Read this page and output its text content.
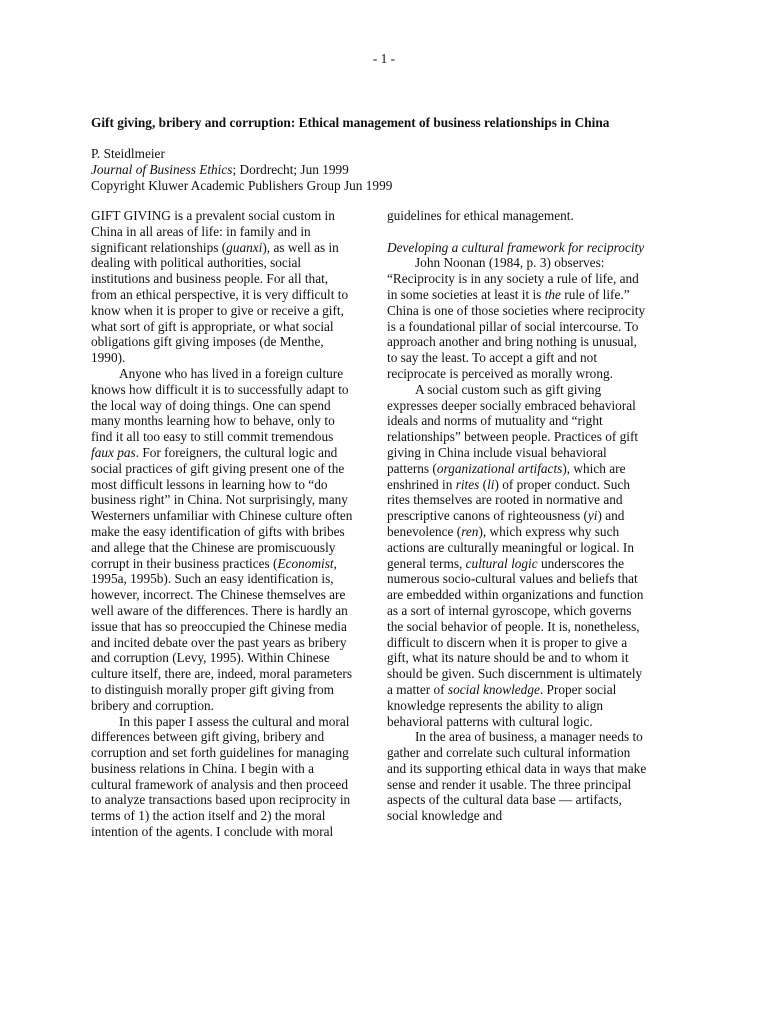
- 1 -
Gift giving, bribery and corruption: Ethical management of business relationships in China
P. Steidlmeier
Journal of Business Ethics; Dordrecht; Jun 1999
Copyright Kluwer Academic Publishers Group Jun 1999

GIFT GIVING is a prevalent social custom in China in all areas of life: in family and in significant relationships (guanxi), as well as in dealing with political authorities, social institutions and business people. For all that, from an ethical perspective, it is very difficult to know when it is proper to give or receive a gift, what sort of gift is appropriate, or what social obligations gift giving imposes (de Menthe, 1990).

Anyone who has lived in a foreign culture knows how difficult it is to successfully adapt to the local way of doing things. One can spend many months learning how to behave, only to find it all too easy to still commit tremendous faux pas. For foreigners, the cultural logic and social practices of gift giving present one of the most difficult lessons in learning how to “do business right” in China. Not surprisingly, many Westerners unfamiliar with Chinese culture often make the easy identification of gifts with bribes and allege that the Chinese are promiscuously corrupt in their business practices (Economist, 1995a, 1995b). Such an easy identification is, however, incorrect. The Chinese themselves are well aware of the differences. There is hardly an issue that has so preoccupied the Chinese media and incited debate over the past years as bribery and corruption (Levy, 1995). Within Chinese culture itself, there are, indeed, moral parameters to distinguish morally proper gift giving from bribery and corruption.

In this paper I assess the cultural and moral differences between gift giving, bribery and corruption and set forth guidelines for managing business relations in China. I begin with a cultural framework of analysis and then proceed to analyze transactions based upon reciprocity in terms of 1) the action itself and 2) the moral intention of the agents. I conclude with moral

guidelines for ethical management.

Developing a cultural framework for reciprocity

John Noonan (1984, p. 3) observes: “Reciprocity is in any society a rule of life, and in some societies at least it is the rule of life.” China is one of those societies where reciprocity is a foundational pillar of social intercourse. To approach another and bring nothing is unusual, to say the least. To accept a gift and not reciprocate is perceived as morally wrong.

A social custom such as gift giving expresses deeper socially embraced behavioral ideals and norms of mutuality and “right relationships” between people. Practices of gift giving in China include visual behavioral patterns (organizational artifacts), which are enshrined in rites (li) of proper conduct. Such rites themselves are rooted in normative and prescriptive canons of righteousness (yi) and benevolence (ren), which express why such actions are culturally meaningful or logical. In general terms, cultural logic underscores the numerous socio-cultural values and beliefs that are embedded within organizations and function as a sort of internal gyroscope, which governs the social behavior of people. It is, nonetheless, difficult to discern when it is proper to give a gift, what its nature should be and to whom it should be given. Such discernment is ultimately a matter of social knowledge. Proper social knowledge represents the ability to align behavioral patterns with cultural logic.

In the area of business, a manager needs to gather and correlate such cultural information and its supporting ethical data in ways that make sense and render it usable. The three principal aspects of the cultural data base — artifacts, social knowledge and
